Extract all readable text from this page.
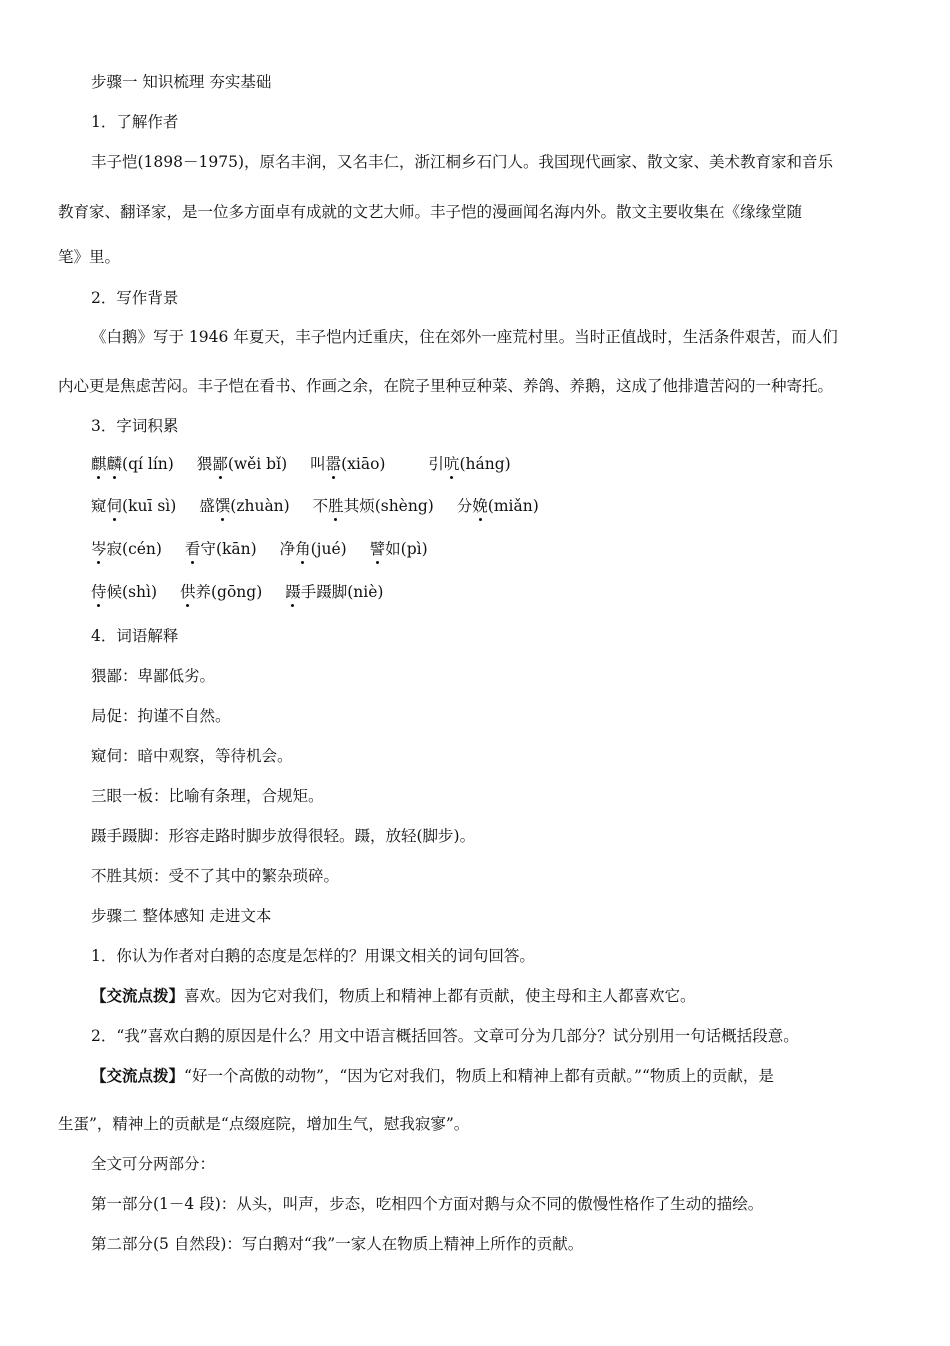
步骤一 知识梳理 夯实基础
1．了解作者
丰子恺(1898－1975)，原名丰润，又名丰仁，浙江桐乡石门人。我国现代画家、散文家、美术教育家和音乐
教育家、翻译家，是一位多方面卓有成就的文艺大师。丰子恺的漫画闻名海内外。散文主要收集在《缘缘堂随
笔》里。
2．写作背景
《白鹅》写于 1946 年夏天，丰子恺内迁重庆，住在郊外一座荒村里。当时正值战时，生活条件艰苦，而人们
内心更是焦虑苦闷。丰子恺在看书、作画之余，在院子里种豆种菜、养鸽、养鹅，这成了他排遣苦闷的一种寄托。
3．字词积累
麒麟(qí lín) 猥鄙(wěi bǐ) 叫嚣(xiāo)	引吭(háng)
窥伺(kuī sì) 盛馔(zhuàn) 不胜其烦(shèng) 分娩(miǎn)
岑寂(cén) 看守(kān) 净角(jué) 譬如(pì)
侍候(shì) 供养(gōng) 蹑手蹑脚(niè)
4．词语解释
猥鄙：卑鄙低劣。
局促：拘谨不自然。
窥伺：暗中观察，等待机会。
三眼一板：比喻有条理，合规矩。
蹑手蹑脚：形容走路时脚步放得很轻。蹑，放轻(脚步)。
不胜其烦：受不了其中的繁杂琐碎。
步骤二 整体感知 走进文本
1．你认为作者对白鹅的态度是怎样的？用课文相关的词句回答。
【交流点拨】喜欢。因为它对我们，物质上和精神上都有贡献，使主母和主人都喜欢它。
2．“我”喜欢白鹅的原因是什么？用文中语言概括回答。文章可分为几部分？试分别用一句话概括段意。
【交流点拨】“好一个高傲的动物”，“因为它对我们，物质上和精神上都有贡献。”“物质上的贡献，是
生蛋”，精神上的贡献是“点缀庭院，增加生气，慰我寂寥”。
全文可分两部分：
第一部分(1－4 段)：从头，叫声，步态，吃相四个方面对鹅与众不同的傲慢性格作了生动的描绘。
第二部分(5 自然段)：写白鹅对“我”一家人在物质上精神上所作的贡献。
